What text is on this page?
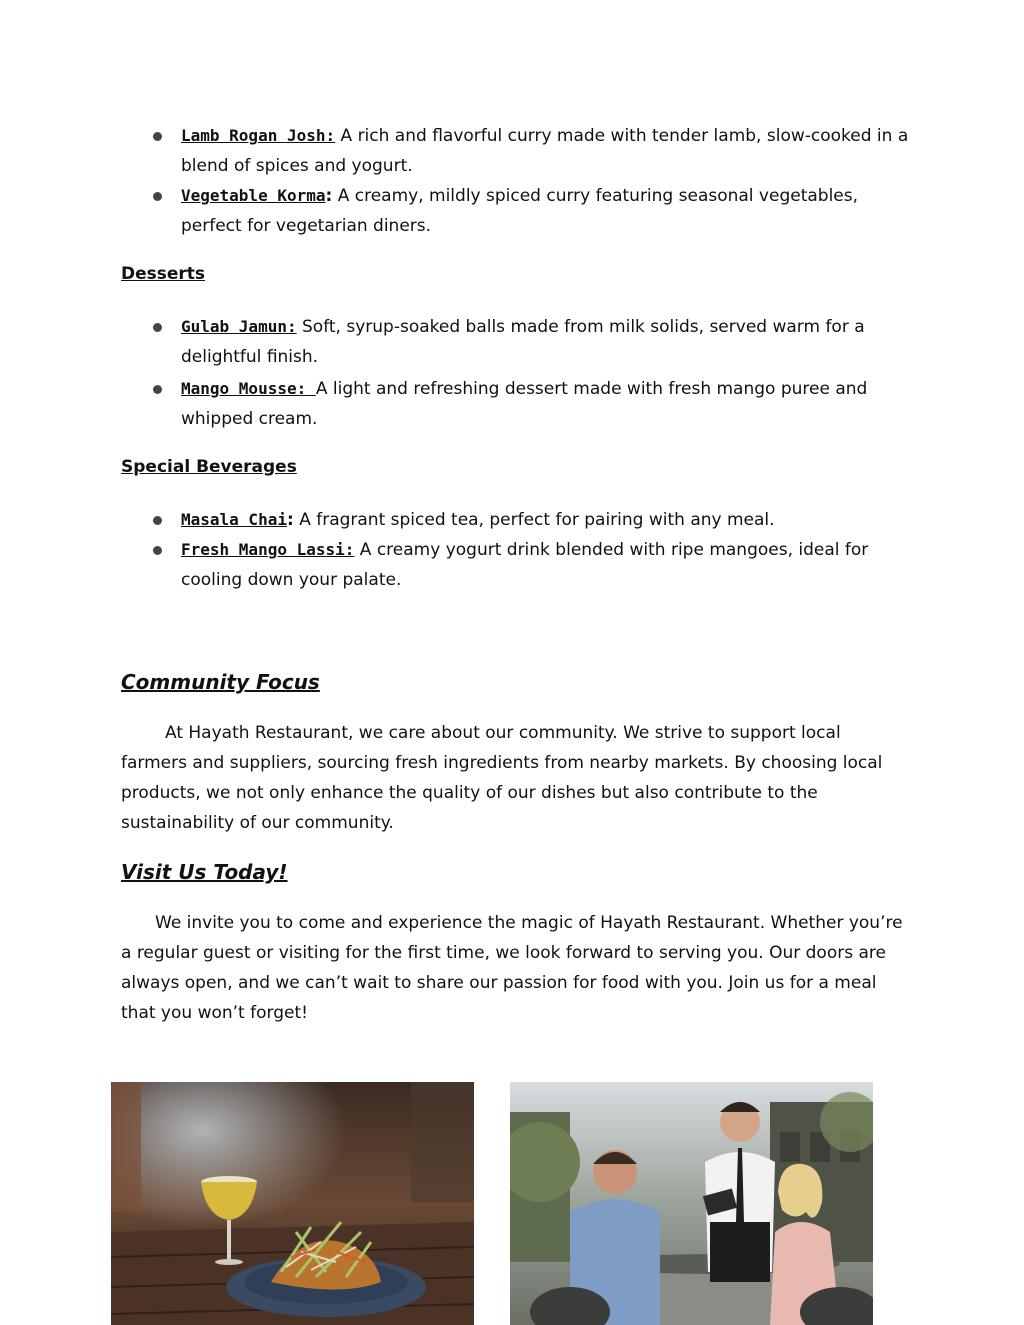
Lamb Rogan Josh: A rich and flavorful curry made with tender lamb, slow-cooked in a blend of spices and yogurt.
Vegetable Korma: A creamy, mildly spiced curry featuring seasonal vegetables, perfect for vegetarian diners.
Desserts
Gulab Jamun: Soft, syrup-soaked balls made from milk solids, served warm for a delightful finish.
Mango Mousse: A light and refreshing dessert made with fresh mango puree and whipped cream.
Special Beverages
Masala Chai: A fragrant spiced tea, perfect for pairing with any meal.
Fresh Mango Lassi: A creamy yogurt drink blended with ripe mangoes, ideal for cooling down your palate.
Community Focus
At Hayath Restaurant, we care about our community. We strive to support local farmers and suppliers, sourcing fresh ingredients from nearby markets. By choosing local products, we not only enhance the quality of our dishes but also contribute to the sustainability of our community.
Visit Us Today!
We invite you to come and experience the magic of Hayath Restaurant. Whether you’re a regular guest or visiting for the first time, we look forward to serving you. Our doors are always open, and we can’t wait to share our passion for food with you. Join us for a meal that you won’t forget!
